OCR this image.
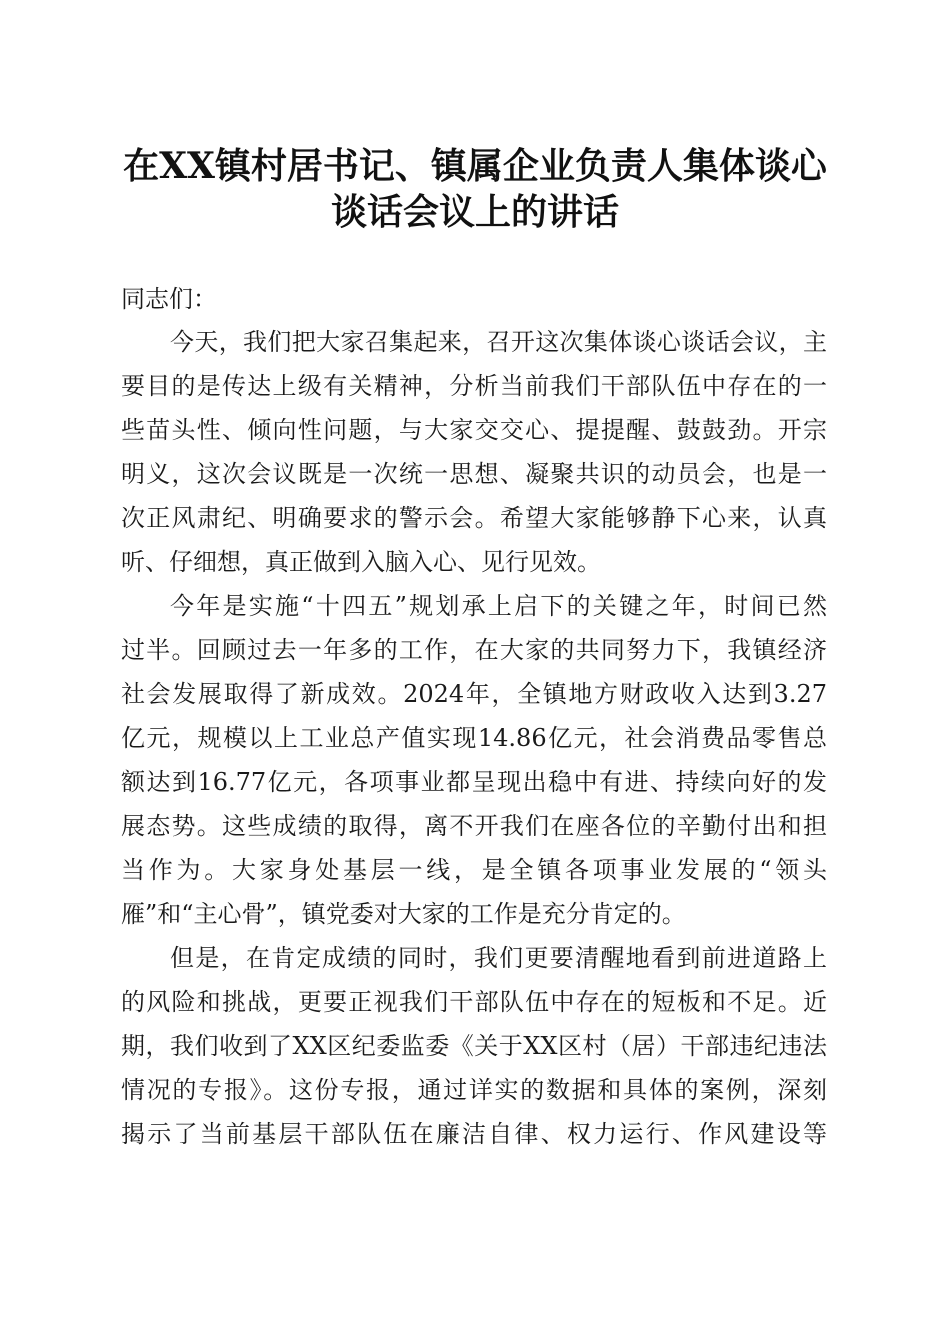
在XX镇村居书记、镇属企业负责人集体谈心
谈话会议上的讲话
同志们：
今天，我们把大家召集起来，召开这次集体谈心谈话会议，主
要目的是传达上级有关精神，分析当前我们干部队伍中存在的一
些苗头性、倾向性问题，与大家交交心、提提醒、鼓鼓劲。开宗
明义，这次会议既是一次统一思想、凝聚共识的动员会，也是一
次正风肃纪、明确要求的警示会。希望大家能够静下心来，认真
听、仔细想，真正做到入脑入心、见行见效。
今年是实施“十四五”规划承上启下的关键之年，时间已然
过半。回顾过去一年多的工作，在大家的共同努力下，我镇经济
社会发展取得了新成效。2024年，全镇地方财政收入达到3.27
亿元，规模以上工业总产值实现14.86亿元，社会消费品零售总
额达到16.77亿元，各项事业都呈现出稳中有进、持续向好的发
展态势。这些成绩的取得，离不开我们在座各位的辛勤付出和担
当作为。大家身处基层一线，是全镇各项事业发展的“领头
雁”和“主心骨”，镇党委对大家的工作是充分肯定的。
但是，在肯定成绩的同时，我们更要清醒地看到前进道路上
的风险和挑战，更要正视我们干部队伍中存在的短板和不足。近
期，我们收到了XX区纪委监委《关于XX区村（居）干部违纪违法
情况的专报》。这份专报，通过详实的数据和具体的案例，深刻
揭示了当前基层干部队伍在廉洁自律、权力运行、作风建设等
